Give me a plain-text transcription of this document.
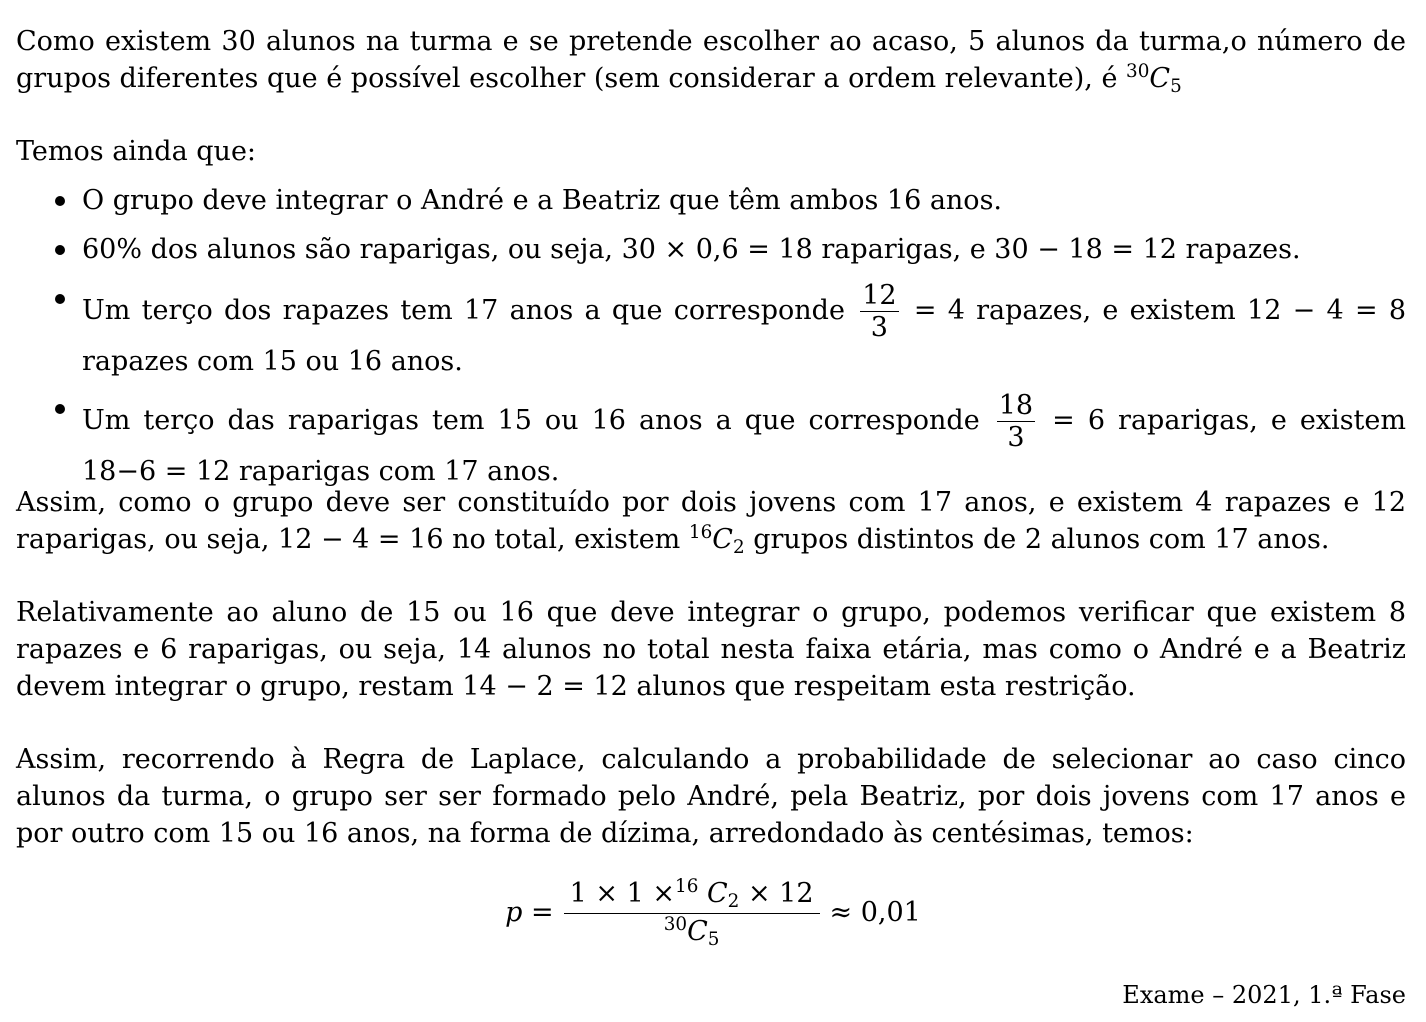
Como existem 30 alunos na turma e se pretende escolher ao acaso, 5 alunos da turma,o número de grupos diferentes que é possível escolher (sem considerar a ordem relevante), é $^{30}C_5$

Temos ainda que:

O grupo deve integrar o André e a Beatriz que têm ambos 16 anos.
60% dos alunos são raparigas, ou seja, 30 × 0,6 = 18 raparigas, e 30 − 18 = 12 rapazes.
Um terço dos rapazes tem 17 anos a que corresponde $\frac{12}{3} = 4$ rapazes, e existem 12 − 4 = 8 rapazes com 15 ou 16 anos.
Um terço das raparigas tem 15 ou 16 anos a que corresponde $\frac{18}{3} = 6$ raparigas, e existem 18−6 = 12 raparigas com 17 anos.

Assim, como o grupo deve ser constituído por dois jovens com 17 anos, e existem 4 rapazes e 12 raparigas, ou seja, 12 − 4 = 16 no total, existem $^{16}C_2$ grupos distintos de 2 alunos com 17 anos.

Relativamente ao aluno de 15 ou 16 que deve integrar o grupo, podemos verificar que existem 8 rapazes e 6 raparigas, ou seja, 14 alunos no total nesta faixa etária, mas como o André e a Beatriz devem integrar o grupo, restam 14 − 2 = 12 alunos que respeitam esta restrição.

Assim, recorrendo à Regra de Laplace, calculando a probabilidade de selecionar ao caso cinco alunos da turma, o grupo ser ser formado pelo André, pela Beatriz, por dois jovens com 17 anos e por outro com 15 ou 16 anos, na forma de dízima, arredondado às centésimas, temos:

$p = \frac{1 \times 1 \times^{16} C_2 \times 12}{^{30}C_5} \approx 0,01$
Exame – 2021, 1.ª Fase
